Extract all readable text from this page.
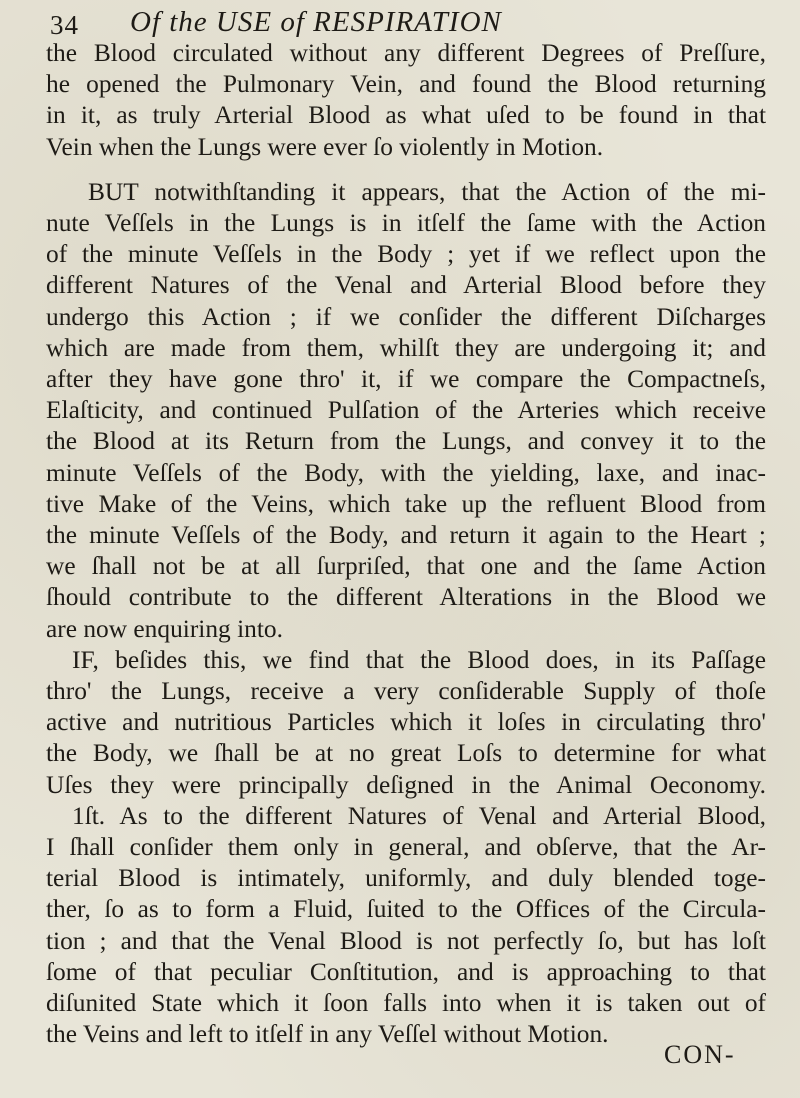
34 Of the USE of RESPIRATION
the Blood circulated without any different Degrees of Preſſure,
he opened the Pulmonary Vein, and found the Blood returning
in it, as truly Arterial Blood as what uſed to be found in that
Vein when the Lungs were ever ſo violently in Motion.
BUT notwithſtanding it appears, that the Action of the mi-
nute Veſſels in the Lungs is in itſelf the ſame with the Action
of the minute Veſſels in the Body ; yet if we reflect upon the
different Natures of the Venal and Arterial Blood before they
undergo this Action ; if we conſider the different Diſcharges
which are made from them, whilſt they are undergoing it; and
after they have gone thro' it, if we compare the Compactneſs,
Elaſticity, and continued Pulſation of the Arteries which receive
the Blood at its Return from the Lungs, and convey it to the
minute Veſſels of the Body, with the yielding, laxe, and inac-
tive Make of the Veins, which take up the refluent Blood from
the minute Veſſels of the Body, and return it again to the Heart ;
we ſhall not be at all ſurpriſed, that one and the ſame Action
ſhould contribute to the different Alterations in the Blood we
are now enquiring into.
IF, beſides this, we find that the Blood does, in its Paſſage
thro' the Lungs, receive a very conſiderable Supply of thoſe
active and nutritious Particles which it loſes in circulating thro'
the Body, we ſhall be at no great Loſs to determine for what
Uſes they were principally deſigned in the Animal Oeconomy.
1ſt. As to the different Natures of Venal and Arterial Blood,
I ſhall conſider them only in general, and obſerve, that the Ar-
terial Blood is intimately, uniformly, and duly blended toge-
ther, ſo as to form a Fluid, ſuited to the Offices of the Circula-
tion ; and that the Venal Blood is not perfectly ſo, but has loſt
ſome of that peculiar Conſtitution, and is approaching to that
diſunited State which it ſoon falls into when it is taken out of
the Veins and left to itſelf in any Veſſel without Motion.
CON-
